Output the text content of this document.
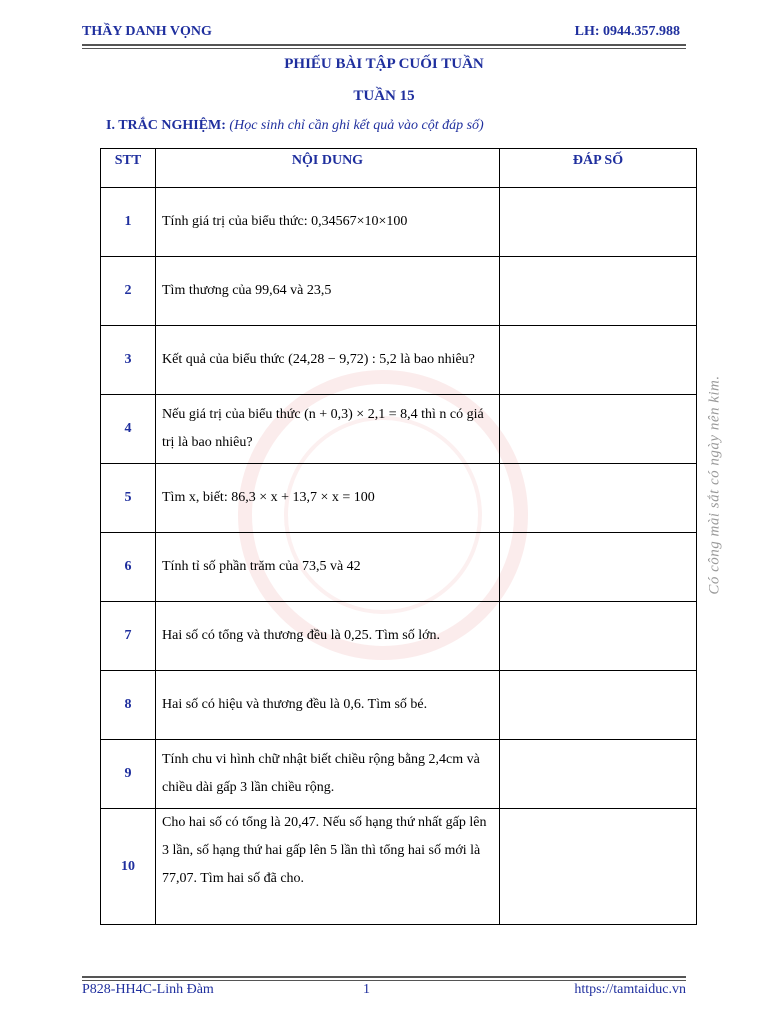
THẦY DANH VỌNG	LH: 0944.357.988
PHIẾU BÀI TẬP CUỐI TUẦN
TUẦN 15
I. TRẮC NGHIỆM: (Học sinh chỉ cần ghi kết quả vào cột đáp số)
STT	NỘI DUNG	ĐÁP SỐ
1	Tính giá trị của biểu thức: 0,34567×10×100	
2	Tìm thương của 99,64 và 23,5	
3	Kết quả của biểu thức (24,28 − 9,72) : 5,2 là bao nhiêu?	
4	Nếu giá trị của biểu thức (n + 0,3) × 2,1 = 8,4 thì n có giá trị là bao nhiêu?	
5	Tìm x, biết: 86,3 × x + 13,7 × x = 100	
6	Tính tỉ số phần trăm của 73,5 và 42	
7	Hai số có tổng và thương đều là 0,25. Tìm số lớn.	
8	Hai số có hiệu và thương đều là 0,6. Tìm số bé.	
9	Tính chu vi hình chữ nhật biết chiều rộng bằng 2,4cm và chiều dài gấp 3 lần chiều rộng.	
10	Cho hai số có tổng là 20,47. Nếu số hạng thứ nhất gấp lên 3 lần, số hạng thứ hai gấp lên 5 lần thì tổng hai số mới là 77,07. Tìm hai số đã cho.	
Có công mài sắt có ngày nên kim.
P828-HH4C-Linh Đàm	1	https://tamtaiduc.vn
